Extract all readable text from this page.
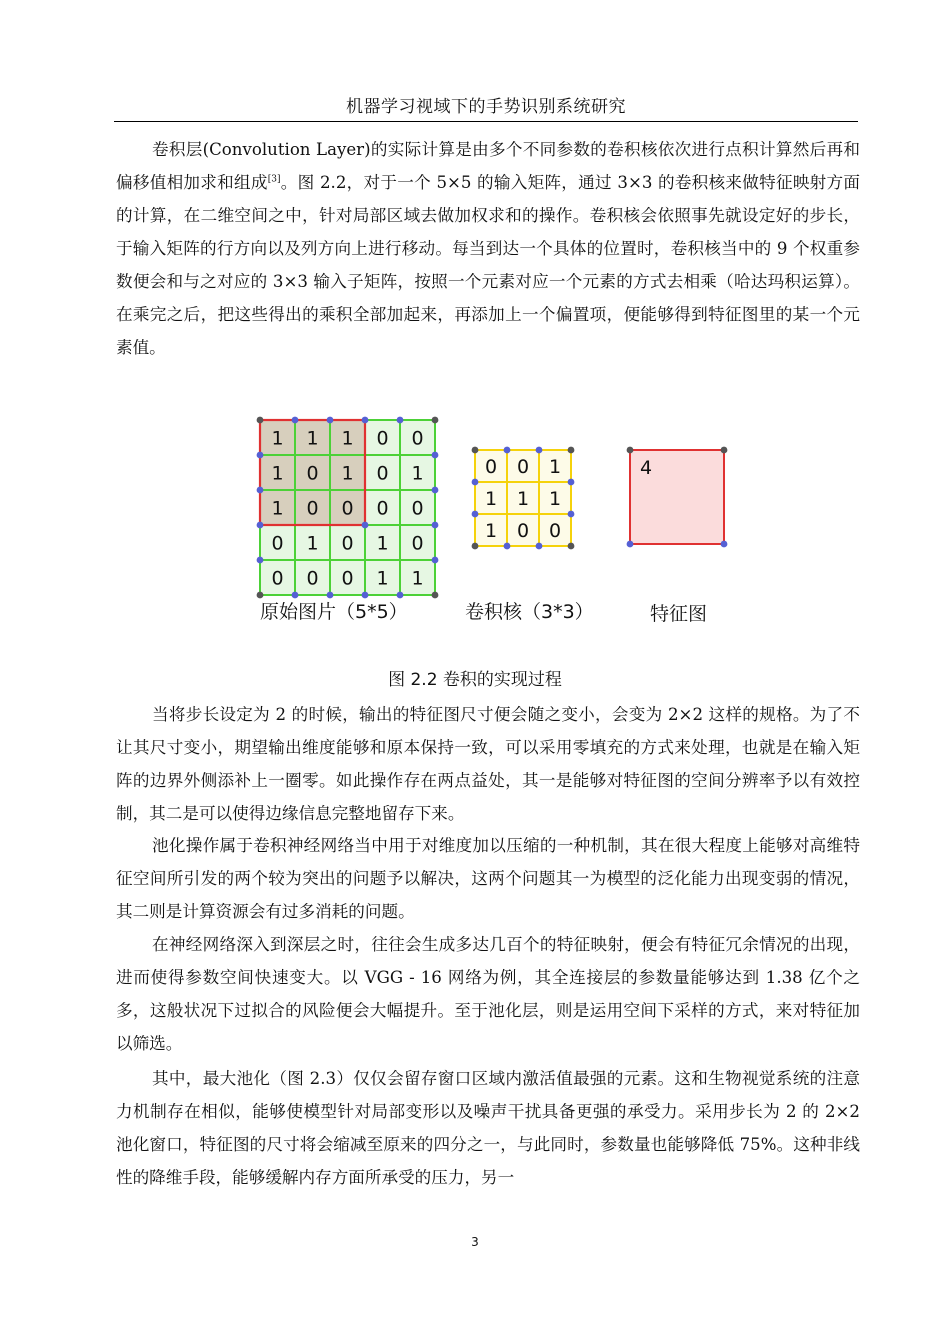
机器学习视域下的手势识别系统研究

卷积层(Convolution Layer)的实际计算是由多个不同参数的卷积核依次进行点积计算然后再和偏移值相加求和组成[3]。图 2.2，对于一个 5×5 的输入矩阵，通过 3×3 的卷积核来做特征映射方面的计算，在二维空间之中，针对局部区域去做加权求和的操作。卷积核会依照事先就设定好的步长，于输入矩阵的行方向以及列方向上进行移动。每当到达一个具体的位置时，卷积核当中的 9 个权重参数便会和与之对应的 3×3 输入子矩阵，按照一个元素对应一个元素的方式去相乘（哈达玛积运算）。在乘完之后，把这些得出的乘积全部加起来，再添加上一个偏置项，便能够得到特征图里的某一个元素值。

1 1 1 0 0
1 0 1 0 1
1 0 0 0 0
0 1 0 1 0
0 0 0 1 1
0 0 1
1 1 1
1 0 0
4
原始图片（5*5）	卷积核（3*3）	特征图
图 2.2 卷积的实现过程

当将步长设定为 2 的时候，输出的特征图尺寸便会随之变小，会变为 2×2 这样的规格。为了不让其尺寸变小，期望输出维度能够和原本保持一致，可以采用零填充的方式来处理，也就是在输入矩阵的边界外侧添补上一圈零。如此操作存在两点益处，其一是能够对特征图的空间分辨率予以有效控制，其二是可以使得边缘信息完整地留存下来。

池化操作属于卷积神经网络当中用于对维度加以压缩的一种机制，其在很大程度上能够对高维特征空间所引发的两个较为突出的问题予以解决，这两个问题其一为模型的泛化能力出现变弱的情况，其二则是计算资源会有过多消耗的问题。

在神经网络深入到深层之时，往往会生成多达几百个的特征映射，便会有特征冗余情况的出现，进而使得参数空间快速变大。以 VGG - 16 网络为例，其全连接层的参数量能够达到 1.38 亿个之多，这般状况下过拟合的风险便会大幅提升。至于池化层，则是运用空间下采样的方式，来对特征加以筛选。

其中，最大池化（图 2.3）仅仅会留存窗口区域内激活值最强的元素。这和生物视觉系统的注意力机制存在相似，能够使模型针对局部变形以及噪声干扰具备更强的承受力。采用步长为 2 的 2×2 池化窗口，特征图的尺寸将会缩减至原来的四分之一，与此同时，参数量也能够降低 75%。这种非线性的降维手段，能够缓解内存方面所承受的压力，另一

3
